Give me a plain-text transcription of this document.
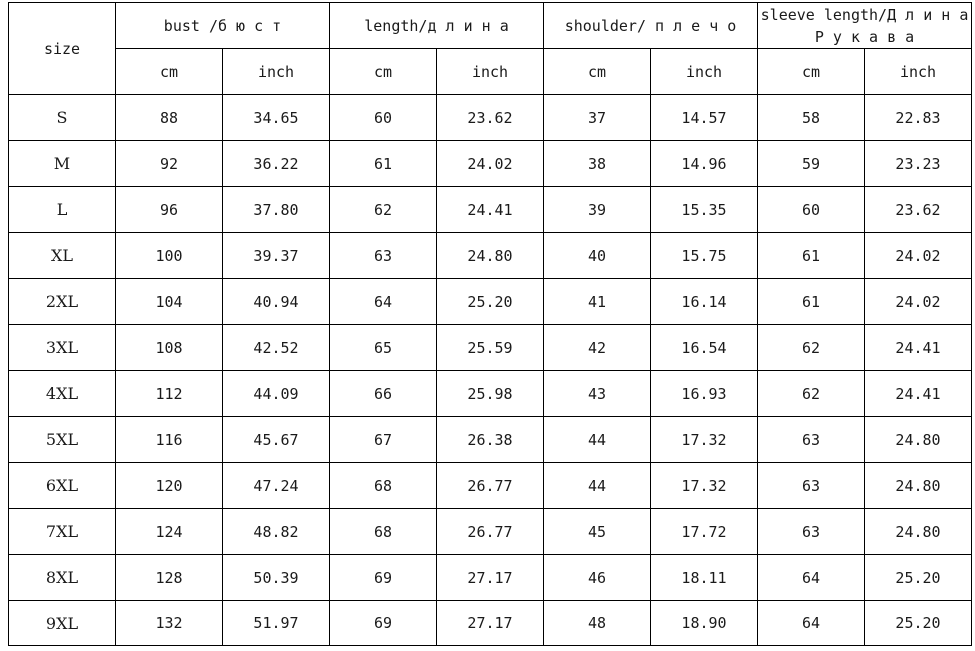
size	bust /б ю с т		length/д л и н а		shoulder/ п л е ч о		sleeve length/Д л и н а Р у к а в а	
	cm	inch	cm	inch	cm	inch	cm	inch
S	88	34.65	60	23.62	37	14.57	58	22.83
M	92	36.22	61	24.02	38	14.96	59	23.23
L	96	37.80	62	24.41	39	15.35	60	23.62
XL	100	39.37	63	24.80	40	15.75	61	24.02
2XL	104	40.94	64	25.20	41	16.14	61	24.02
3XL	108	42.52	65	25.59	42	16.54	62	24.41
4XL	112	44.09	66	25.98	43	16.93	62	24.41
5XL	116	45.67	67	26.38	44	17.32	63	24.80
6XL	120	47.24	68	26.77	44	17.32	63	24.80
7XL	124	48.82	68	26.77	45	17.72	63	24.80
8XL	128	50.39	69	27.17	46	18.11	64	25.20
9XL	132	51.97	69	27.17	48	18.90	64	25.20
